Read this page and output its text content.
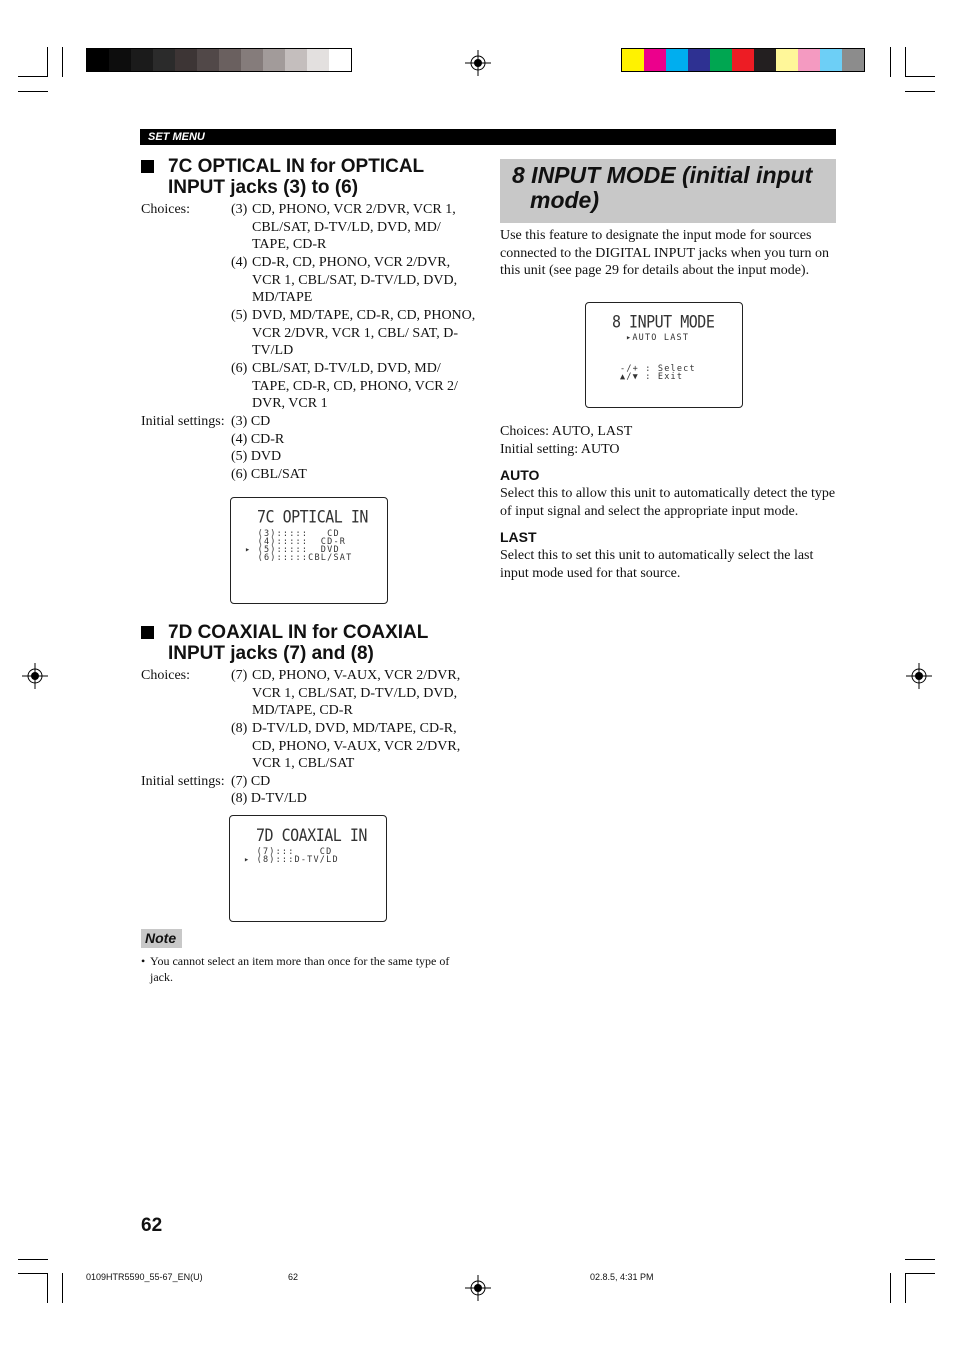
SET MENU
7C OPTICAL IN for OPTICAL INPUT jacks (3) to (6)
Choices:	(3) CD, PHONO, VCR 2/DVR, VCR 1, CBL/SAT, D-TV/LD, DVD, MD/ TAPE, CD-R
(4) CD-R, CD, PHONO, VCR 2/DVR, VCR 1, CBL/SAT, D-TV/LD, DVD, MD/TAPE
(5) DVD, MD/TAPE, CD-R, CD, PHONO, VCR 2/DVR, VCR 1, CBL/ SAT, D-TV/LD
(6) CBL/SAT, D-TV/LD, DVD, MD/ TAPE, CD-R, CD, PHONO, VCR 2/ DVR, VCR 1
Initial settings: (3) CD
(4) CD-R
(5) DVD
(6) CBL/SAT
7C OPTICAL IN
(3):::::   CD
(4):::::  CD-R
▸ (5):::::  DVD
(6):::::CBL/SAT
7D COAXIAL IN for COAXIAL INPUT jacks (7) and (8)
Choices:	(7) CD, PHONO, V-AUX, VCR 2/DVR, VCR 1, CBL/SAT, D-TV/LD, DVD, MD/TAPE, CD-R
(8) D-TV/LD, DVD, MD/TAPE, CD-R, CD, PHONO, V-AUX, VCR 2/DVR, VCR 1, CBL/SAT
Initial settings: (7) CD
(8) D-TV/LD
7D COAXIAL IN
(7):::    CD
▸ (8):::D-TV/LD
Note
• You cannot select an item more than once for the same type of jack.
8 INPUT MODE (initial input
mode)
Use this feature to designate the input mode for sources connected to the DIGITAL INPUT jacks when you turn on this unit (see page 29 for details about the input mode).
8 INPUT MODE
▸AUTO LAST
-/+ : Select
▲/▼ : Exit
Choices: AUTO, LAST
Initial setting: AUTO
AUTO
Select this to allow this unit to automatically detect the type of input signal and select the appropriate input mode.
LAST
Select this to set this unit to automatically select the last input mode used for that source.
62
0109HTR5590_55-67_EN(U)	62	02.8.5, 4:31 PM
